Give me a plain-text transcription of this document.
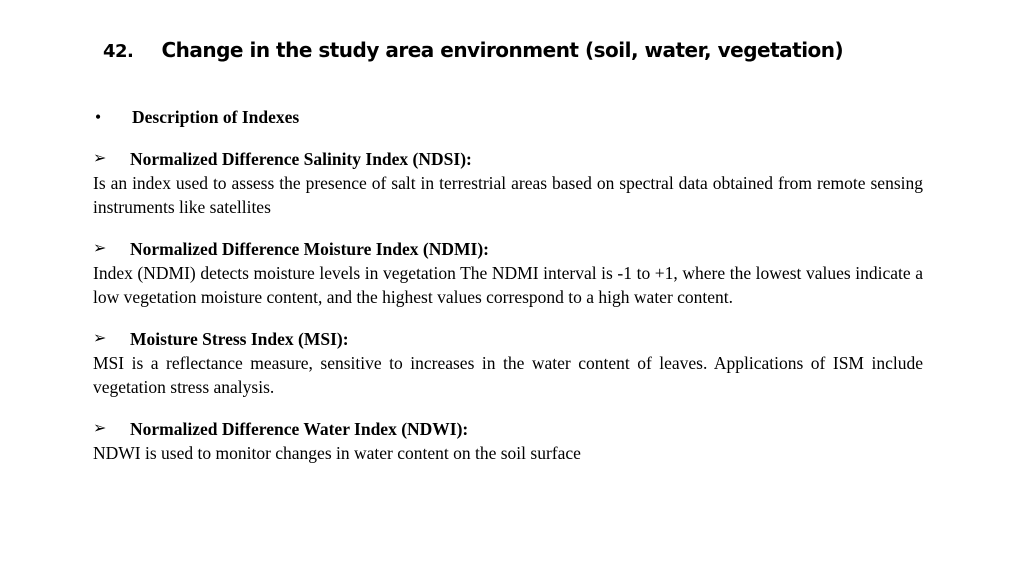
42. Change in the study area environment (soil, water, vegetation)
•	Description of Indexes
➢	Normalized Difference Salinity Index (NDSI):
Is an index used to assess the presence of salt in terrestrial areas based on spectral data obtained from remote sensing instruments like satellites
➢	Normalized Difference Moisture Index (NDMI):
Index (NDMI) detects moisture levels in vegetation The NDMI interval is -1 to +1, where the lowest values indicate a low vegetation moisture content, and the highest values correspond to a high water content.
➢	Moisture Stress Index (MSI):
MSI is a reflectance measure, sensitive to increases in the water content of leaves. Applications of ISM include vegetation stress analysis.
➢	Normalized Difference Water Index (NDWI):
NDWI is used to monitor changes in water content on the soil surface
